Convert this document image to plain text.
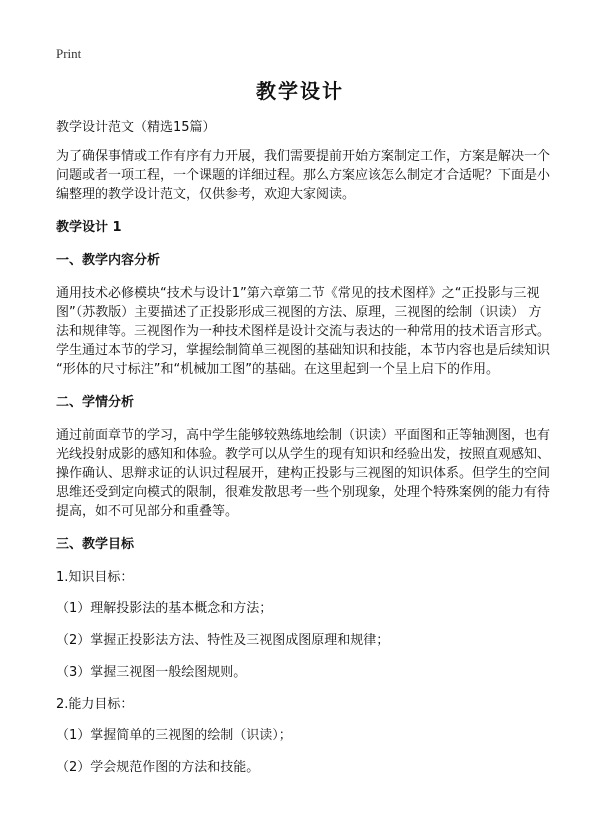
Print
教学设计

教学设计范文（精选15篇）

为了确保事情或工作有序有力开展，我们需要提前开始方案制定工作，方案是解决一个问题或者一项工程，一个课题的详细过程。那么方案应该怎么制定才合适呢？下面是小编整理的教学设计范文，仅供参考，欢迎大家阅读。

教学设计 1

一、教学内容分析

通用技术必修模块“技术与设计1”第六章第二节《常见的技术图样》之“正投影与三视图”（苏教版）主要描述了正投影形成三视图的方法、原理，三视图的绘制（识读） 方法和规律等。三视图作为一种技术图样是设计交流与表达的一种常用的技术语言形式。 学生通过本节的学习，掌握绘制简单三视图的基础知识和技能，本节内容也是后续知识 “形体的尺寸标注”和“机械加工图”的基础。在这里起到一个呈上启下的作用。

二、学情分析

通过前面章节的学习，高中学生能够较熟练地绘制（识读）平面图和正等轴测图，也有光线投射成影的感知和体验。教学可以从学生的现有知识和经验出发，按照直观感知、操作确认、思辩求证的认识过程展开，建构正投影与三视图的知识体系。但学生的空间 思维还受到定向模式的限制，很难发散思考一些个别现象，处理个特殊案例的能力有待 提高，如不可见部分和重叠等。

三、教学目标

1.知识目标：

（1）理解投影法的基本概念和方法；

（2）掌握正投影法方法、特性及三视图成图原理和规律；

（3）掌握三视图一般绘图规则。

2.能力目标：

（1）掌握简单的三视图的绘制（识读）；

（2）学会规范作图的方法和技能。
